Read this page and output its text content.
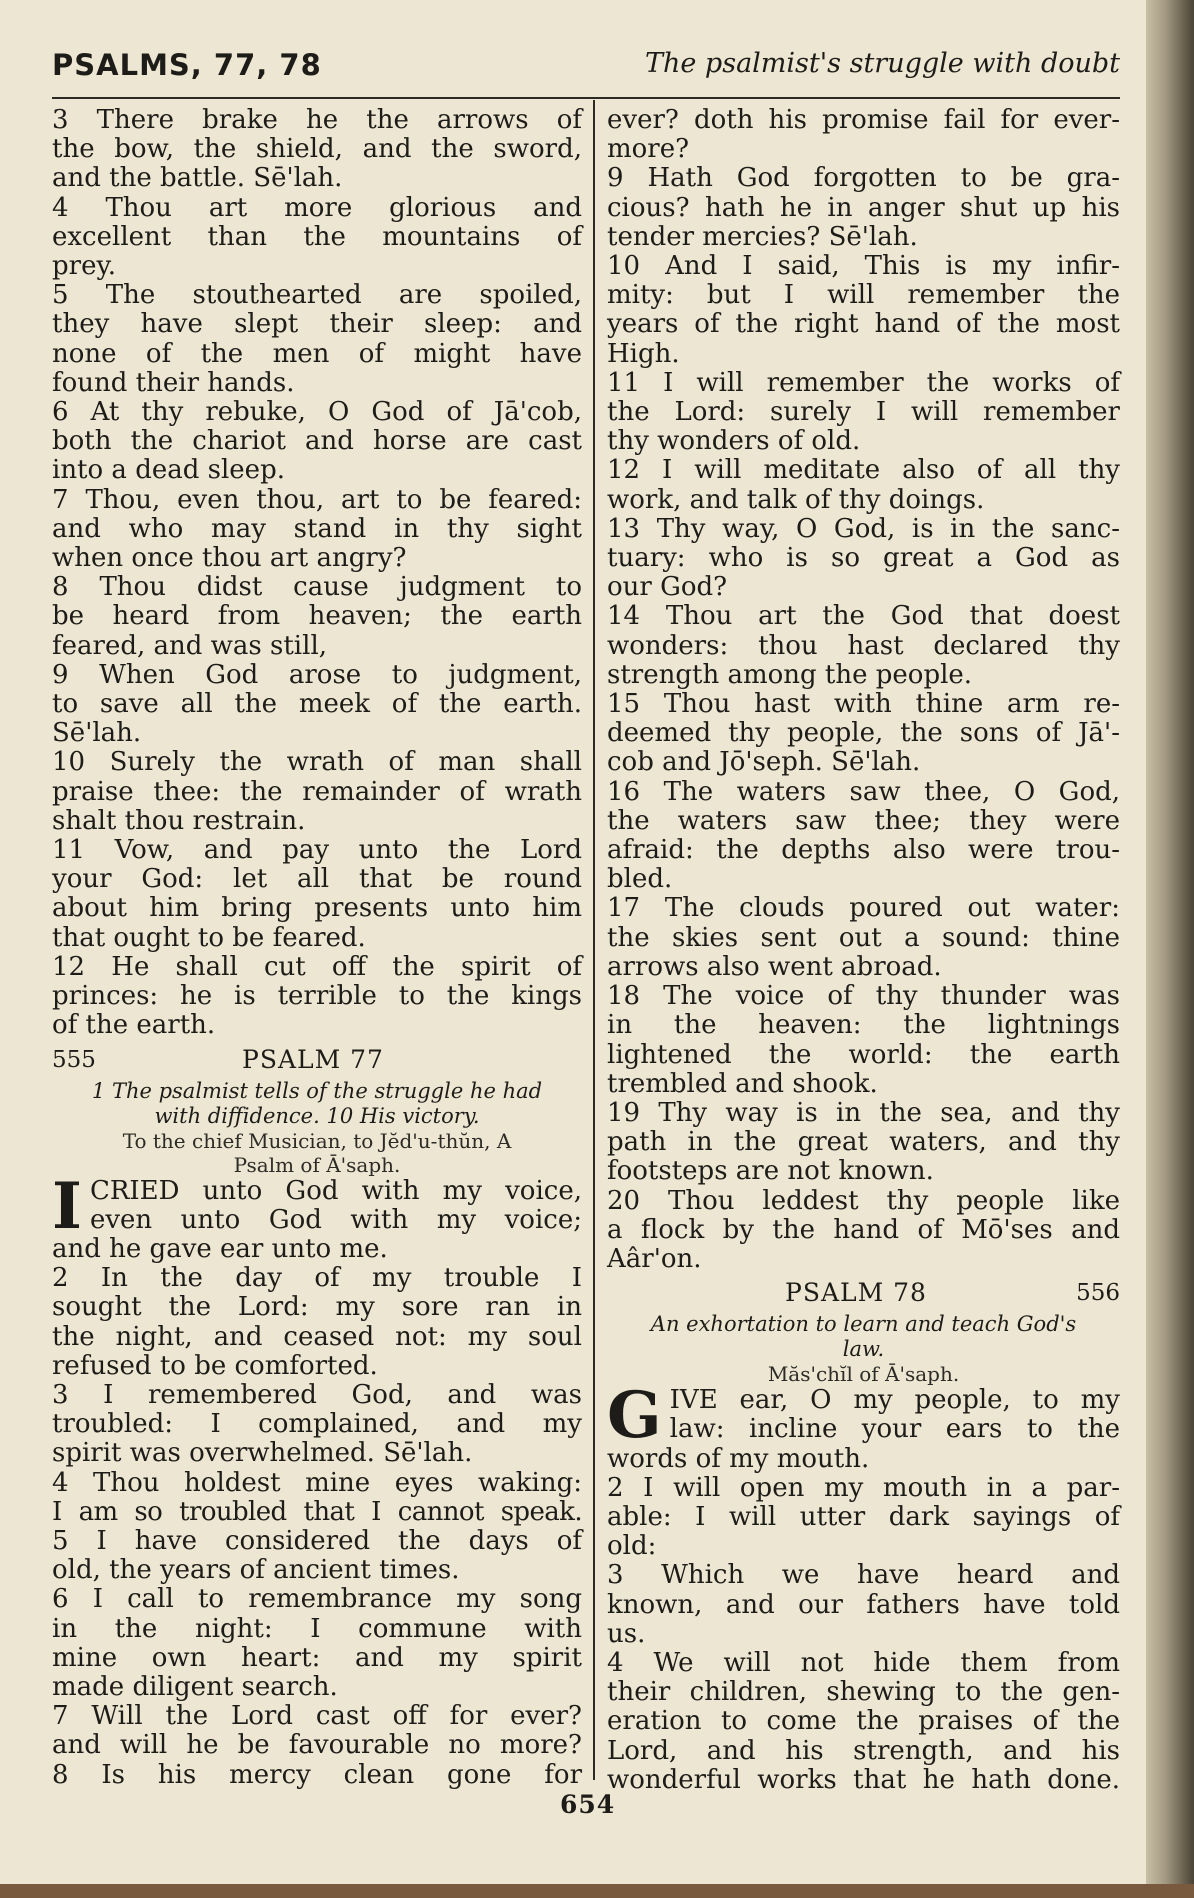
PSALMS, 77, 78	The psalmist's struggle with doubt

3 There brake he the arrows of

the bow, the shield, and the sword,

and the battle. Sē'lah.

4 Thou art more glorious and

excellent than the mountains of

prey.

5 The stouthearted are spoiled,

they have slept their sleep: and

none of the men of might have

found their hands.

6 At thy rebuke, O God of Jā'cob,

both the chariot and horse are cast

into a dead sleep.

7 Thou, even thou, art to be feared:

and who may stand in thy sight

when once thou art angry?

8 Thou didst cause judgment to

be heard from heaven; the earth

feared, and was still,

9 When God arose to judgment,

to save all the meek of the earth.

Sē'lah.

10 Surely the wrath of man shall

praise thee: the remainder of wrath

shalt thou restrain.

11 Vow, and pay unto the Lord

your God: let all that be round

about him bring presents unto him

that ought to be feared.

12 He shall cut off the spirit of

princes: he is terrible to the kings

of the earth.

555	PSALM 77

1 The psalmist tells of the struggle he had

with diffidence. 10 His victory.

To the chief Musician, to Jĕd'u-thŭn, A

Psalm of Ā'saph.

I CRIED unto God with my voice,

even unto God with my voice;

and he gave ear unto me.

2 In the day of my trouble I

sought the Lord: my sore ran in

the night, and ceased not: my soul

refused to be comforted.

3 I remembered God, and was

troubled: I complained, and my

spirit was overwhelmed. Sē'lah.

4 Thou holdest mine eyes waking:

I am so troubled that I cannot speak.

5 I have considered the days of

old, the years of ancient times.

6 I call to remembrance my song

in the night: I commune with

mine own heart: and my spirit

made diligent search.

7 Will the Lord cast off for ever?

and will he be favourable no more?

8 Is his mercy clean gone for

ever? doth his promise fail for ever-

more?

9 Hath God forgotten to be gra-

cious? hath he in anger shut up his

tender mercies? Sē'lah.

10 And I said, This is my infir-

mity: but I will remember the

years of the right hand of the most

High.

11 I will remember the works of

the Lord: surely I will remember

thy wonders of old.

12 I will meditate also of all thy

work, and talk of thy doings.

13 Thy way, O God, is in the sanc-

tuary: who is so great a God as

our God?

14 Thou art the God that doest

wonders: thou hast declared thy

strength among the people.

15 Thou hast with thine arm re-

deemed thy people, the sons of Jā'-

cob and Jō'seph. Sē'lah.

16 The waters saw thee, O God,

the waters saw thee; they were

afraid: the depths also were trou-

bled.

17 The clouds poured out water:

the skies sent out a sound: thine

arrows also went abroad.

18 The voice of thy thunder was

in the heaven: the lightnings

lightened the world: the earth

trembled and shook.

19 Thy way is in the sea, and thy

path in the great waters, and thy

footsteps are not known.

20 Thou leddest thy people like

a flock by the hand of Mō'ses and

Aâr'on.

PSALM 78	556

An exhortation to learn and teach God's

law.

Măs'chĭl of Ā'saph.

G IVE ear, O my people, to my

law: incline your ears to the

words of my mouth.

2 I will open my mouth in a par-

able: I will utter dark sayings of

old:

3 Which we have heard and

known, and our fathers have told

us.

4 We will not hide them from

their children, shewing to the gen-

eration to come the praises of the

Lord, and his strength, and his

wonderful works that he hath done.

654
